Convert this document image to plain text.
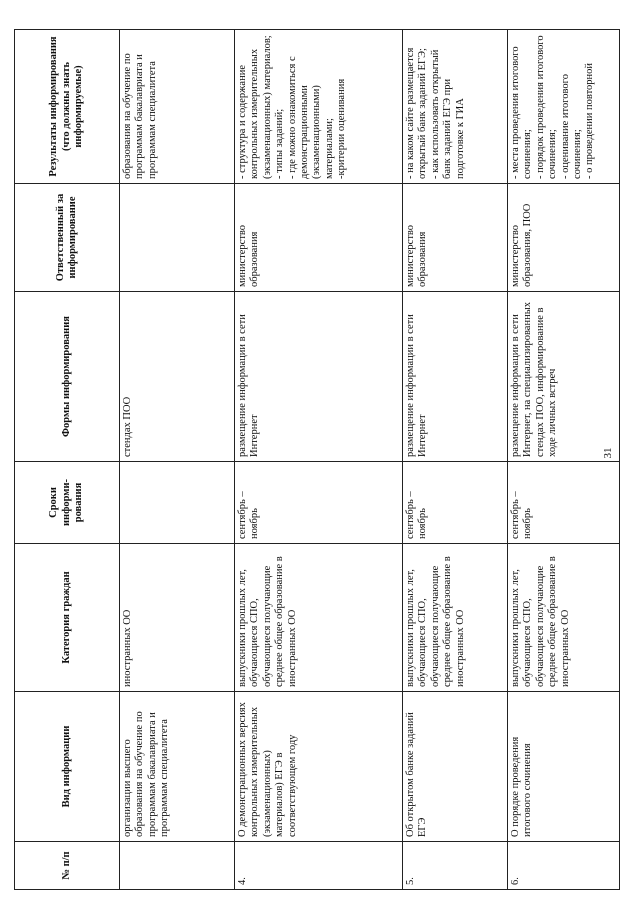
31
№ п/п	Вид информации	Категория граждан	Сроки информи-рования	Формы информирования	Ответственный за информирование	Результаты информирования (что должны знать информируемые)
	организации высшего образования на обучение по программам бакалавриата и программам специалитета	иностранных ОО		стендах ПОО		образования на обучение по программам бакалавриата и программам специалитета
4.	О демонстрационных версиях контрольных измерительных (экзаменационных) материалов) ЕГЭ в соответствующем году	выпускники прошлых лет, обучающиеся СПО, обучающиеся получающие среднее общее образование в иностранных ОО	сентябрь – ноябрь	размещение информации в сети Интернет	министерство образования	- структура и содержание контрольных измерительных (экзаменационных) материалов;
- типы заданий;
- где можно ознакомиться с демонстрационными (экзаменационными) материалами;
-критерии оценивания
5.	Об открытом банке заданий ЕГЭ	выпускники прошлых лет, обучающиеся СПО, обучающиеся получающие среднее общее образование в иностранных ОО	сентябрь – ноябрь	размещение информации в сети Интернет	министерство образования	- на каком сайте размещается открытый банк заданий ЕГЭ;
- как использовать открытый банк заданий ЕГЭ при подготовке к ГИА
6.	О порядке проведения итогового сочинения	выпускники прошлых лет, обучающиеся СПО, обучающиеся получающие среднее общее образование в иностранных ОО	сентябрь – ноябрь	размещение информации в сети Интернет, на специализированных стендах ПОО, информирование в ходе личных встреч	министерство образования, ПОО	- места проведения итогового сочинения;
- порядок проведения итогового сочинения;
- оценивание итогового сочинения;
- о проведении повторной
